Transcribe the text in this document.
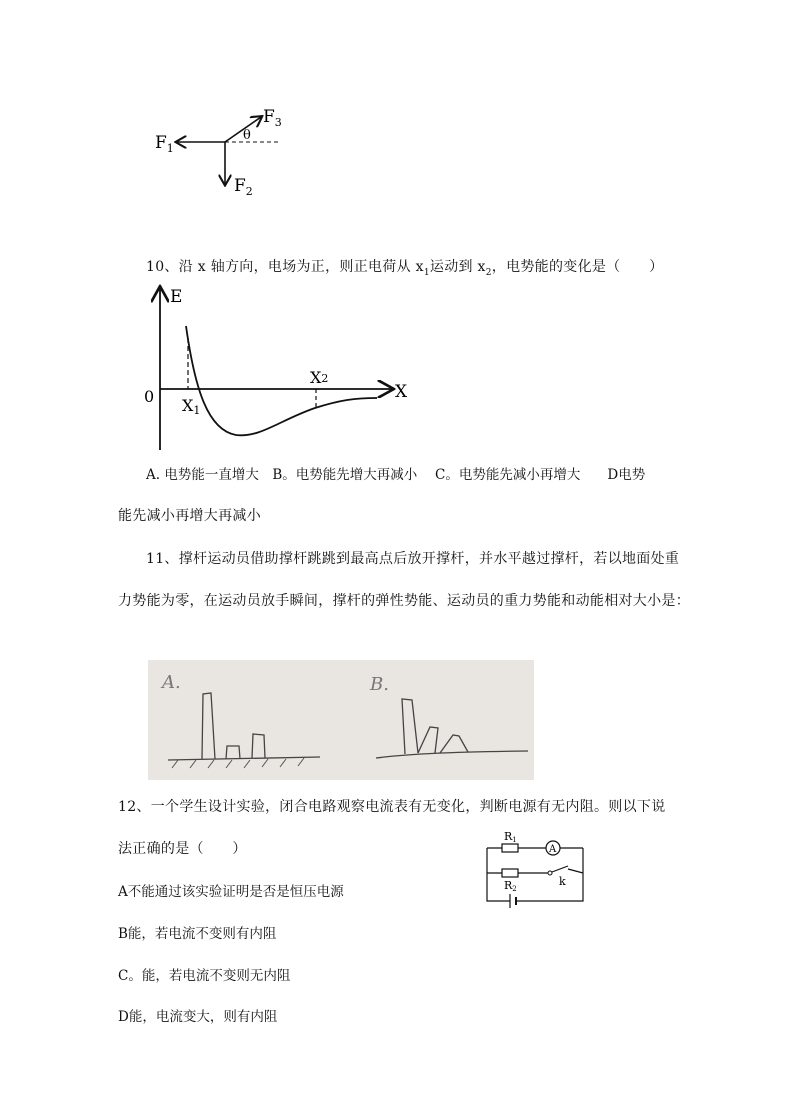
$F_1$
$F_2$
$F_3$
θ
10、沿 x 轴方向，电场为正，则正电荷从 $x_1$运动到 $x_2$，电势能的变化是（　　）
E
X
0 X1
X2
A. 电势能一直增大　B。电势能先增大再减小　 C。电势能先减小再增大　　D电势
能先减小再增大再减小
11、撑杆运动员借助撑杆跳跳到最高点后放开撑杆，并水平越过撑杆，若以地面处重
力势能为零，在运动员放手瞬间，撑杆的弹性势能、运动员的重力势能和动能相对大小是：
A.	B.
12、一个学生设计实验，闭合电路观察电流表有无变化，判断电源有无内阻。则以下说
法正确的是（　　）
R1
A
R2
k
A不能通过该实验证明是否是恒压电源
B能，若电流不变则有内阻
C。能，若电流不变则无内阻
D能，电流变大，则有内阻
